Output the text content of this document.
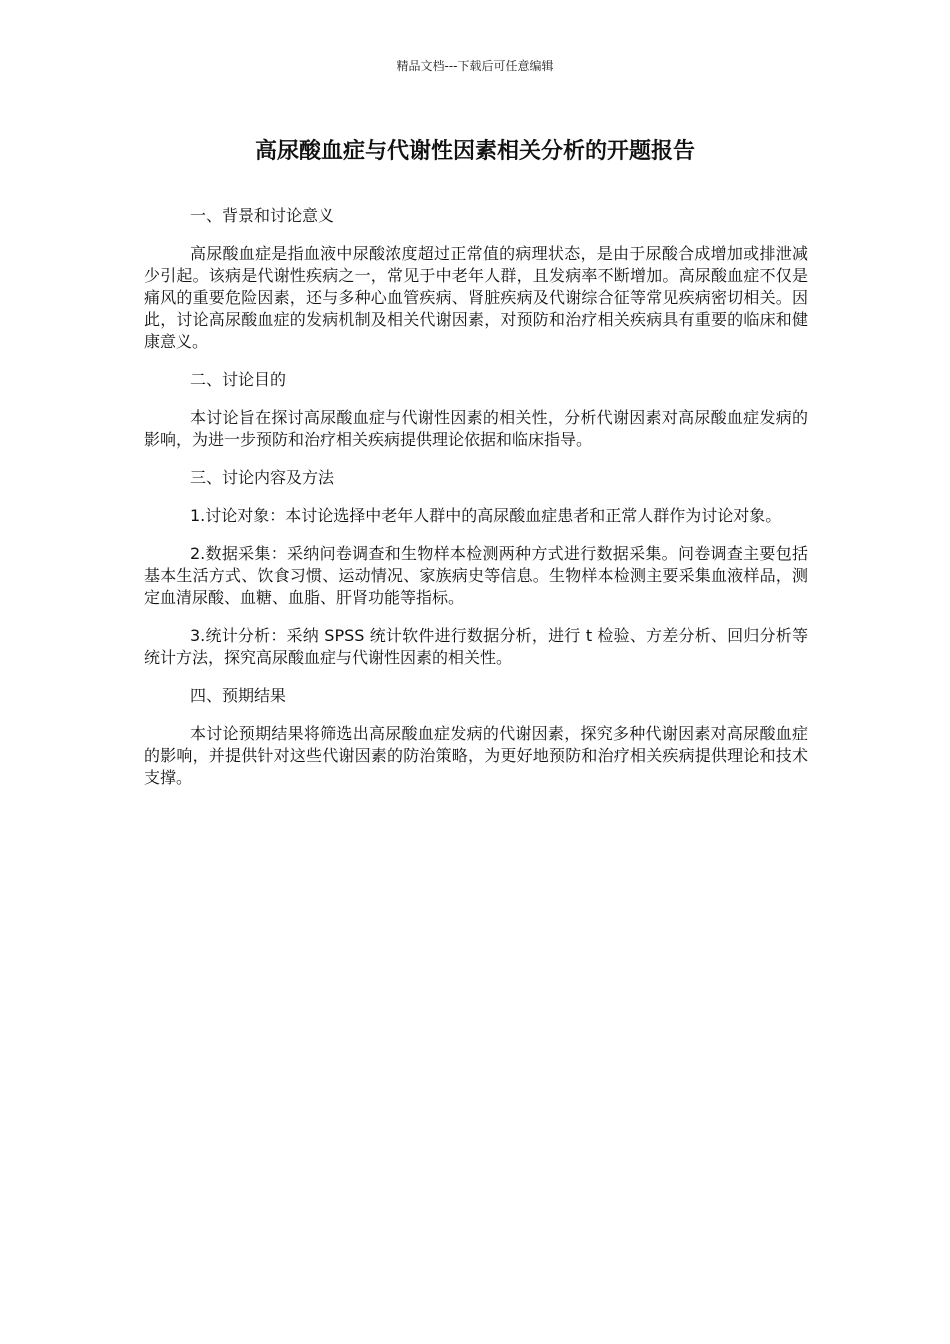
精品文档---下载后可任意编辑
高尿酸血症与代谢性因素相关分析的开题报告
一、背景和讨论意义

高尿酸血症是指血液中尿酸浓度超过正常值的病理状态，是由于尿酸合成增加或排泄减少引起。该病是代谢性疾病之一，常见于中老年人群，且发病率不断增加。高尿酸血症不仅是痛风的重要危险因素，还与多种心血管疾病、肾脏疾病及代谢综合征等常见疾病密切相关。因此，讨论高尿酸血症的发病机制及相关代谢因素，对预防和治疗相关疾病具有重要的临床和健康意义。

二、讨论目的

本讨论旨在探讨高尿酸血症与代谢性因素的相关性，分析代谢因素对高尿酸血症发病的影响，为进一步预防和治疗相关疾病提供理论依据和临床指导。

三、讨论内容及方法

1.讨论对象：本讨论选择中老年人群中的高尿酸血症患者和正常人群作为讨论对象。

2.数据采集：采纳问卷调查和生物样本检测两种方式进行数据采集。问卷调查主要包括基本生活方式、饮食习惯、运动情况、家族病史等信息。生物样本检测主要采集血液样品，测定血清尿酸、血糖、血脂、肝肾功能等指标。

3.统计分析：采纳 SPSS 统计软件进行数据分析，进行 t 检验、方差分析、回归分析等统计方法，探究高尿酸血症与代谢性因素的相关性。

四、预期结果

本讨论预期结果将筛选出高尿酸血症发病的代谢因素，探究多种代谢因素对高尿酸血症的影响，并提供针对这些代谢因素的防治策略，为更好地预防和治疗相关疾病提供理论和技术支撑。
